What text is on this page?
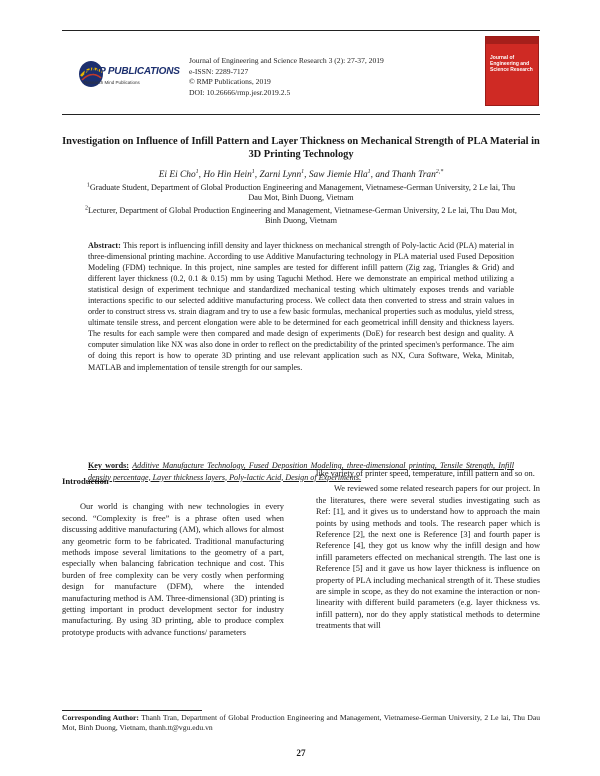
RMP PUBLICATIONS
Research Mind Publications
Journal of Engineering and Science Research 3 (2): 27-37, 2019
e-ISSN: 2289-7127
© RMP Publications, 2019
DOI: 10.26666/rmp.jesr.2019.2.5
Journal of Engineering and Science Research
Investigation on Influence of Infill Pattern and Layer Thickness on Mechanical Strength of PLA Material in 3D Printing Technology
Ei Ei Cho$^1$, Ho Hin Hein$^1$, Zarni Lynn$^1$, Saw Jiemie Hla$^1$, and Thanh Tran$^{2,*}$
$^1$Graduate Student, Department of Global Production Engineering and Management, Vietnamese-German University, 2 Le lai, Thu Dau Mot, Binh Duong, Vietnam
$^2$Lecturer, Department of Global Production Engineering and Management, Vietnamese-German University, 2 Le lai, Thu Dau Mot, Binh Duong, Vietnam
Abstract: This report is influencing infill density and layer thickness on mechanical strength of Poly-lactic Acid (PLA) material in three-dimensional printing machine. According to use Additive Manufacturing technology in PLA material used Fused Deposition Modeling (FDM) technique. In this project, nine samples are tested for different infill pattern (Zig zag, Triangles & Grid) and different layer thickness (0.2, 0.1 & 0.15) mm by using Taguchi Method. Here we demonstrate an empirical method utilizing a statistical design of experiment technique and standardized mechanical testing which ultimately exposes trends and variable interactions specific to our selected additive manufacturing process. We collect data then converted to stress and strain values in order to construct stress vs. strain diagram and try to use a few basic formulas, mechanical properties such as modulus, yield stress, ultimate tensile stress, and percent elongation were able to be determined for each geometrical infill density and thickness layers. The results for each sample were then compared and made design of experiments (DoE) for research best design and quality. A computer simulation like NX was also done in order to reflect on the predictability of the printed specimen's performance. The aim of doing this report is how to operate 3D printing and use relevant application such as NX, Cura Software, Weka, Minitab, MATLAB and implementation of tensile strength for our samples.
Key words: Additive Manufacture Technology, Fused Deposition Modeling, three-dimensional printing, Tensile Strength, Infill density percentage, Layer thickness layers, Poly-lactic Acid, Design of Experiments.
Introduction

Our world is changing with new technologies in every second. “Complexity is free” is a phrase often used when discussing additive manufacturing (AM), which allows for almost any geometric form to be fabricated. Traditional manufacturing methods impose several limitations to the geometry of a part, especially when balancing fabrication technique and cost. This burden of free complexity can be very costly when performing design for manufacture (DFM), where the intended manufacturing method is AM. Three-dimensional (3D) printing is getting important in product development sector for industry manufacturing. By using 3D printing, able to produce complex prototype products with advance functions/ parameters

like variety of printer speed, temperature, infill pattern and so on.

We reviewed some related research papers for our project. In the literatures, there were several studies investigating such as Ref: [1], and it gives us to understand how to approach the main points by using methods and tools. The research paper which is Reference [2], the next one is Reference [3] and fourth paper is Reference [4], they got us know why the infill design and how infill parameters effected on mechanical strength. The last one is Reference [5] and it gave us how layer thickness is influence on property of PLA including mechanical strength of it. These studies are simple in scope, as they do not examine the interaction or non-linearity with different build parameters (e.g. layer thickness vs. infill pattern), nor do they apply statistical methods to determine treatments that will

Corresponding Author: Thanh Tran, Department of Global Production Engineering and Management, Vietnamese-German University, 2 Le lai, Thu Dau Mot, Binh Duong, Vietnam, thanh.tt@vgu.edu.vn
27
